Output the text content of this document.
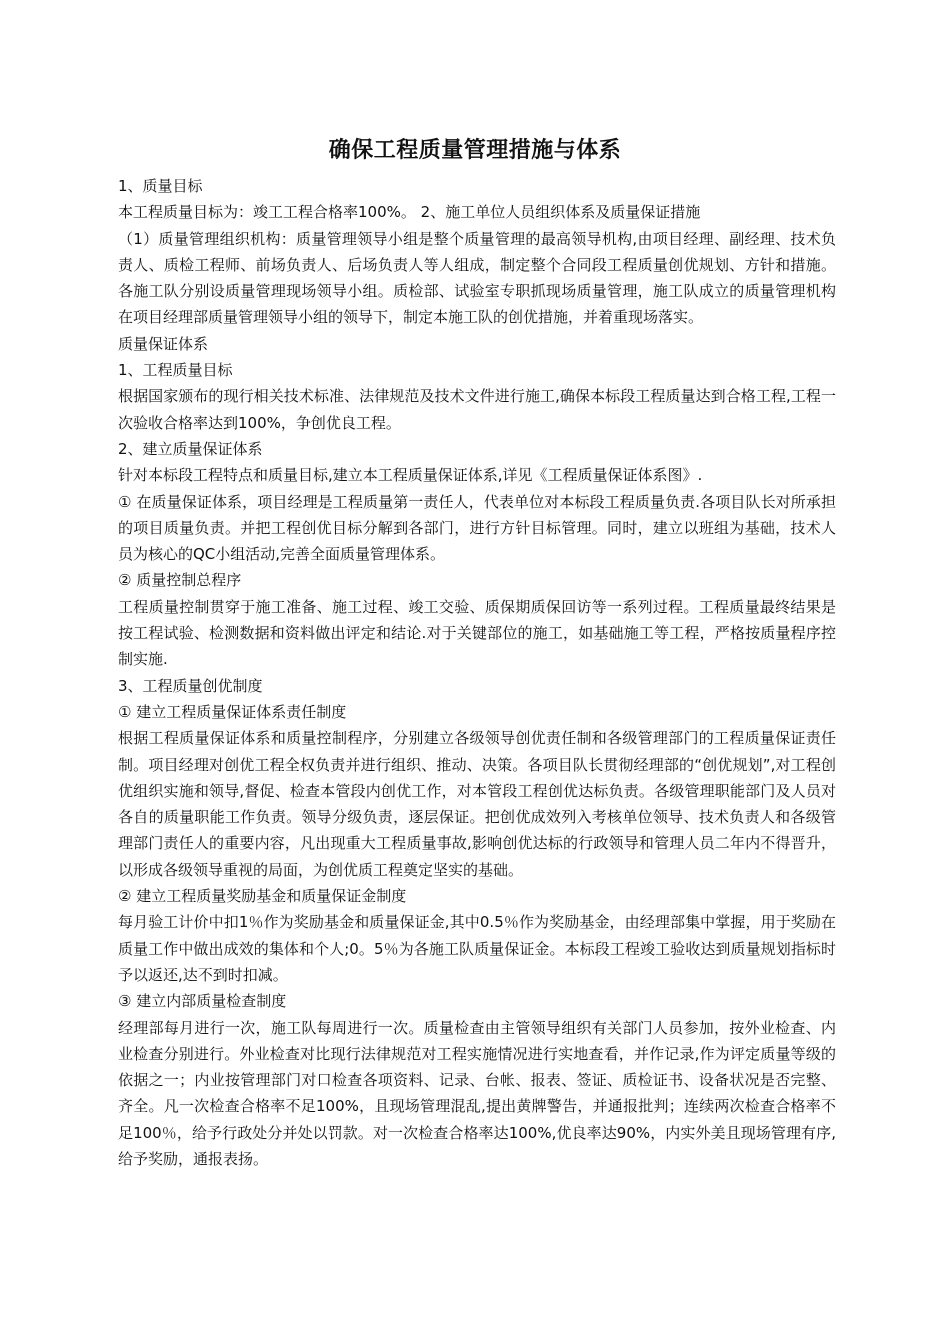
确保工程质量管理措施与体系

1、质量目标

本工程质量目标为：竣工工程合格率100%。 2、施工单位人员组织体系及质量保证措施

（1）质量管理组织机构：质量管理领导小组是整个质量管理的最高领导机构,由项目经理、副经理、技术负责人、质检工程师、前场负责人、后场负责人等人组成，制定整个合同段工程质量创优规划、方针和措施。各施工队分别设质量管理现场领导小组。质检部、试验室专职抓现场质量管理，施工队成立的质量管理机构在项目经理部质量管理领导小组的领导下，制定本施工队的创优措施，并着重现场落实。

质量保证体系

1、工程质量目标

根据国家颁布的现行相关技术标准、法律规范及技术文件进行施工,确保本标段工程质量达到合格工程,工程一次验收合格率达到100%，争创优良工程。

2、建立质量保证体系

针对本标段工程特点和质量目标,建立本工程质量保证体系,详见《工程质量保证体系图》.

① 在质量保证体系，项目经理是工程质量第一责任人，代表单位对本标段工程质量负责.各项目队长对所承担的项目质量负责。并把工程创优目标分解到各部门，进行方针目标管理。同时，建立以班组为基础，技术人员为核心的QC小组活动,完善全面质量管理体系。

② 质量控制总程序

工程质量控制贯穿于施工准备、施工过程、竣工交验、质保期质保回访等一系列过程。工程质量最终结果是按工程试验、检测数据和资料做出评定和结论.对于关键部位的施工，如基础施工等工程，严格按质量程序控制实施.

3、工程质量创优制度

① 建立工程质量保证体系责任制度

根据工程质量保证体系和质量控制程序，分别建立各级领导创优责任制和各级管理部门的工程质量保证责任制。项目经理对创优工程全权负责并进行组织、推动、决策。各项目队长贯彻经理部的“创优规划”,对工程创优组织实施和领导,督促、检查本管段内创优工作，对本管段工程创优达标负责。各级管理职能部门及人员对各自的质量职能工作负责。领导分级负责，逐层保证。把创优成效列入考核单位领导、技术负责人和各级管理部门责任人的重要内容，凡出现重大工程质量事故,影响创优达标的行政领导和管理人员二年内不得晋升，以形成各级领导重视的局面，为创优质工程奠定坚实的基础。

② 建立工程质量奖励基金和质量保证金制度

每月验工计价中扣1％作为奖励基金和质量保证金,其中0.5％作为奖励基金，由经理部集中掌握，用于奖励在质量工作中做出成效的集体和个人;0。5％为各施工队质量保证金。本标段工程竣工验收达到质量规划指标时予以返还,达不到时扣减。

③ 建立内部质量检查制度

经理部每月进行一次，施工队每周进行一次。质量检查由主管领导组织有关部门人员参加，按外业检查、内业检查分别进行。外业检查对比现行法律规范对工程实施情况进行实地查看，并作记录,作为评定质量等级的依据之一；内业按管理部门对口检查各项资料、记录、台帐、报表、签证、质检证书、设备状况是否完整、齐全。凡一次检查合格率不足100%，且现场管理混乱,提出黄牌警告，并通报批判；连续两次检查合格率不足100％，给予行政处分并处以罚款。对一次检查合格率达100%,优良率达90%，内实外美且现场管理有序,给予奖励，通报表扬。
